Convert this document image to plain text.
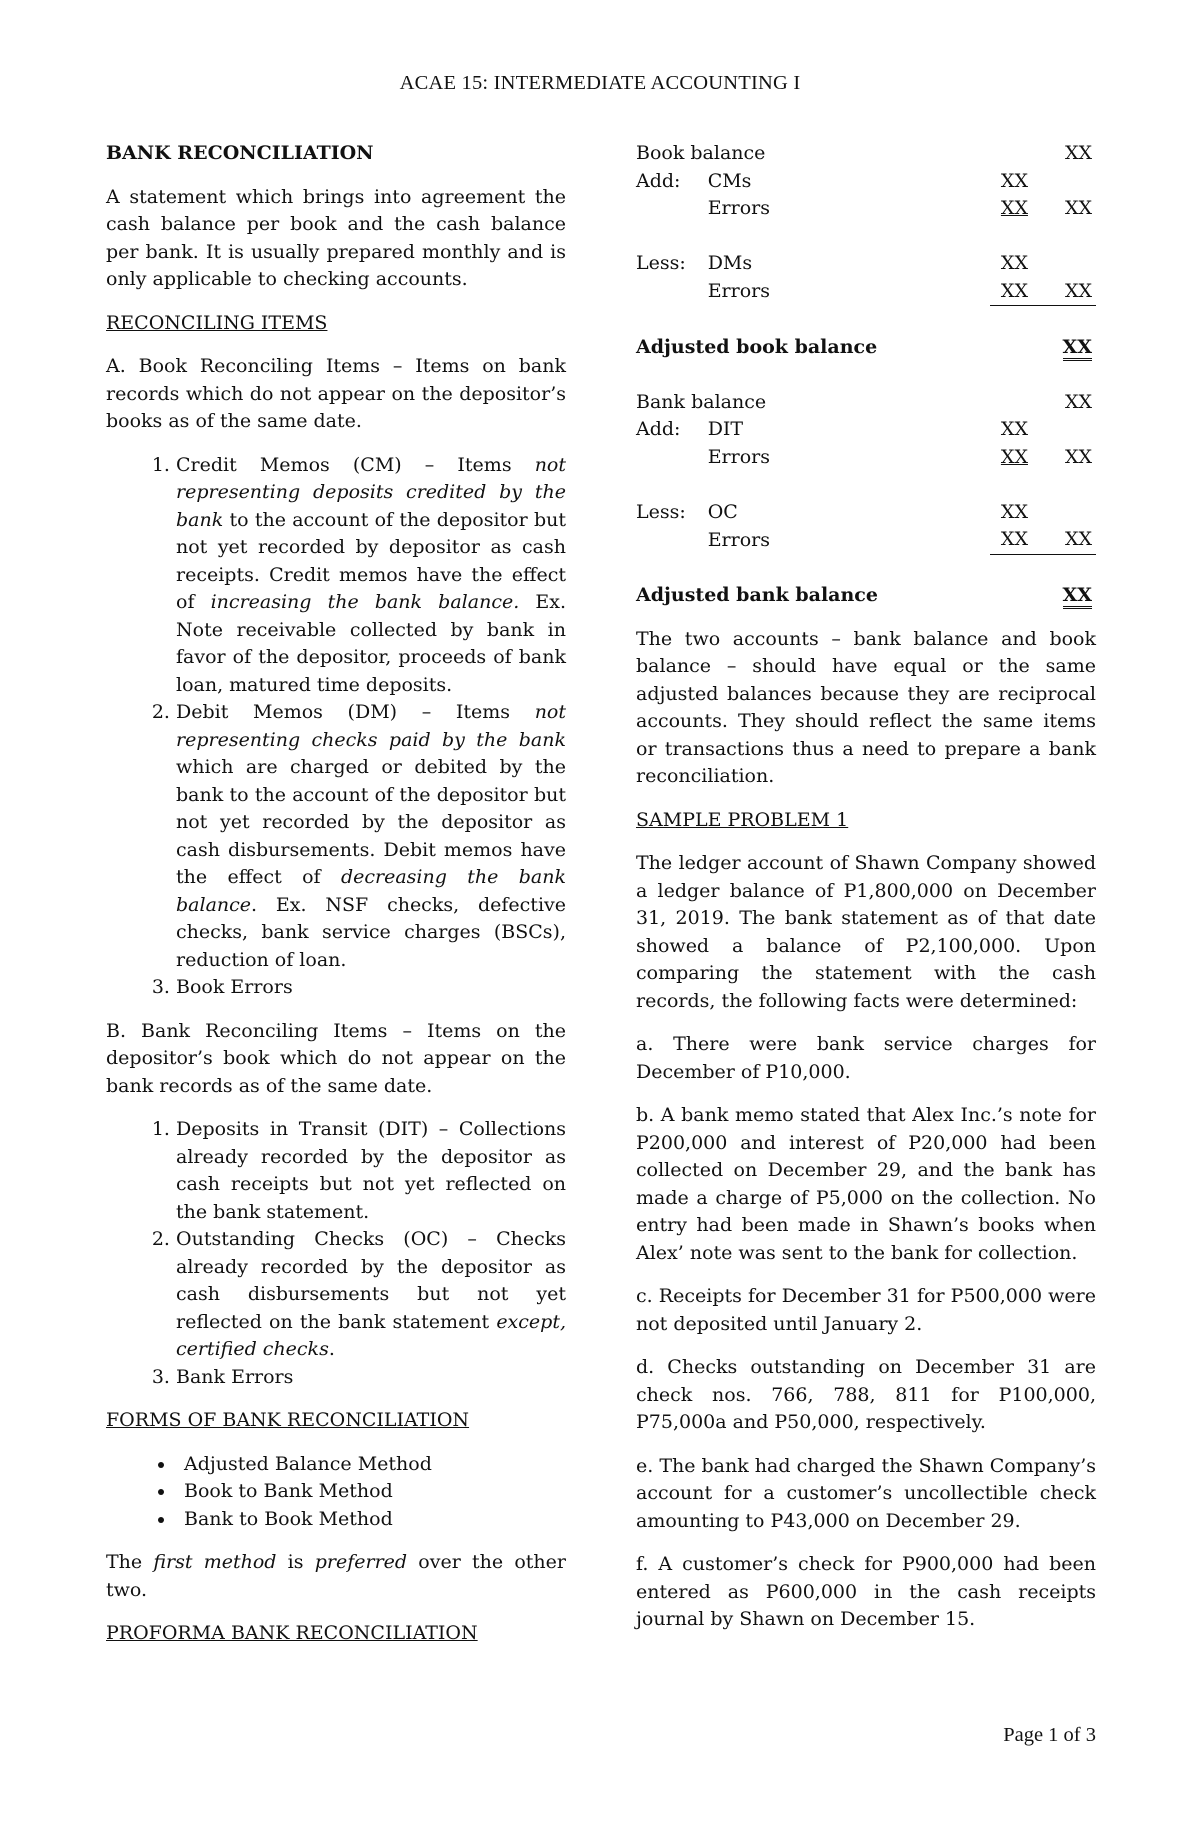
ACAE 15: INTERMEDIATE ACCOUNTING I

BANK RECONCILIATION

A statement which brings into agreement the cash balance per book and the cash balance per bank. It is usually prepared monthly and is only applicable to checking accounts.

RECONCILING ITEMS

A. Book Reconciling Items – Items on bank records which do not appear on the depositor’s books as of the same date.

1. Credit Memos (CM) – Items not representing deposits credited by the bank to the account of the depositor but not yet recorded by depositor as cash receipts. Credit memos have the effect of increasing the bank balance. Ex. Note receivable collected by bank in favor of the depositor, proceeds of bank loan, matured time deposits.
2. Debit Memos (DM) – Items not representing checks paid by the bank which are charged or debited by the bank to the account of the depositor but not yet recorded by the depositor as cash disbursements. Debit memos have the effect of decreasing the bank balance. Ex. NSF checks, defective checks, bank service charges (BSCs), reduction of loan.
3. Book Errors

B. Bank Reconciling Items – Items on the depositor’s book which do not appear on the bank records as of the same date.

1. Deposits in Transit (DIT) – Collections already recorded by the depositor as cash receipts but not yet reflected on the bank statement.
2. Outstanding Checks (OC) – Checks already recorded by the depositor as cash disbursements but not yet reflected on the bank statement except, certified checks.
3. Bank Errors

FORMS OF BANK RECONCILIATION

• Adjusted Balance Method
• Book to Bank Method
• Bank to Book Method

The first method is preferred over the other two.

PROFORMA BANK RECONCILIATION

Book balance			XX
Add:	CMs	XX	
	Errors	XX	XX

Less:	DMs	XX	
	Errors	XX	XX

Adjusted book balance			XX

Bank balance			XX
Add:	DIT	XX	
	Errors	XX	XX

Less:	OC	XX	
	Errors	XX	XX

Adjusted bank balance			XX

The two accounts – bank balance and book balance – should have equal or the same adjusted balances because they are reciprocal accounts. They should reflect the same items or transactions thus a need to prepare a bank reconciliation.

SAMPLE PROBLEM 1

The ledger account of Shawn Company showed a ledger balance of P1,800,000 on December 31, 2019. The bank statement as of that date showed a balance of P2,100,000. Upon comparing the statement with the cash records, the following facts were determined:

a. There were bank service charges for December of P10,000.

b. A bank memo stated that Alex Inc.’s note for P200,000 and interest of P20,000 had been collected on December 29, and the bank has made a charge of P5,000 on the collection. No entry had been made in Shawn’s books when Alex’ note was sent to the bank for collection.

c. Receipts for December 31 for P500,000 were not deposited until January 2.

d. Checks outstanding on December 31 are check nos. 766, 788, 811 for P100,000, P75,000a and P50,000, respectively.

e. The bank had charged the Shawn Company’s account for a customer’s uncollectible check amounting to P43,000 on December 29.

f. A customer’s check for P900,000 had been entered as P600,000 in the cash receipts journal by Shawn on December 15.

Page 1 of 3
